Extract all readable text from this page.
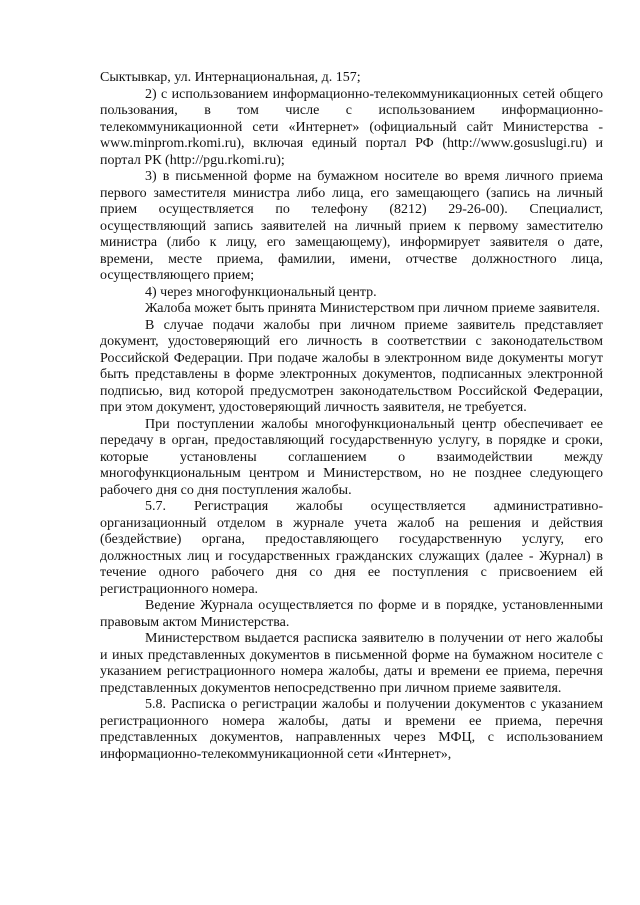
Сыктывкар, ул. Интернациональная, д. 157;

2) с использованием информационно-телекоммуникационных сетей общего пользования, в том числе с использованием информационно-телекоммуникационной сети «Интернет» (официальный сайт Министерства - www.minprom.rkomi.ru), включая единый портал РФ (http://www.gosuslugi.ru) и портал РК (http://pgu.rkomi.ru);

3) в письменной форме на бумажном носителе во время личного приема первого заместителя министра либо лица, его замещающего (запись на личный прием осуществляется по телефону (8212) 29-26-00). Специалист, осуществляющий запись заявителей на личный прием к первому заместителю министра (либо к лицу, его замещающему), информирует заявителя о дате, времени, месте приема, фамилии, имени, отчестве должностного лица, осуществляющего прием;

4) через многофункциональный центр.

Жалоба может быть принята Министерством при личном приеме заявителя.

В случае подачи жалобы при личном приеме заявитель представляет документ, удостоверяющий его личность в соответствии с законодательством Российской Федерации. При подаче жалобы в электронном виде документы могут быть представлены в форме электронных документов, подписанных электронной подписью, вид которой предусмотрен законодательством Российской Федерации, при этом документ, удостоверяющий личность заявителя, не требуется.

При поступлении жалобы многофункциональный центр обеспечивает ее передачу в орган, предоставляющий государственную услугу, в порядке и сроки, которые установлены соглашением о взаимодействии между многофункциональным центром и Министерством, но не позднее следующего рабочего дня со дня поступления жалобы.

5.7. Регистрация жалобы осуществляется административно-организационный отделом в журнале учета жалоб на решения и действия (бездействие) органа, предоставляющего государственную услугу, его должностных лиц и государственных гражданских служащих (далее - Журнал) в течение одного рабочего дня со дня ее поступления с присвоением ей регистрационного номера.

Ведение Журнала осуществляется по форме и в порядке, установленными правовым актом Министерства.

Министерством выдается расписка заявителю в получении от него жалобы и иных представленных документов в письменной форме на бумажном носителе с указанием регистрационного номера жалобы, даты и времени ее приема, перечня представленных документов непосредственно при личном приеме заявителя.

5.8. Расписка о регистрации жалобы и получении документов с указанием регистрационного номера жалобы, даты и времени ее приема, перечня представленных документов, направленных через МФЦ, с использованием информационно-телекоммуникационной сети «Интернет»,
